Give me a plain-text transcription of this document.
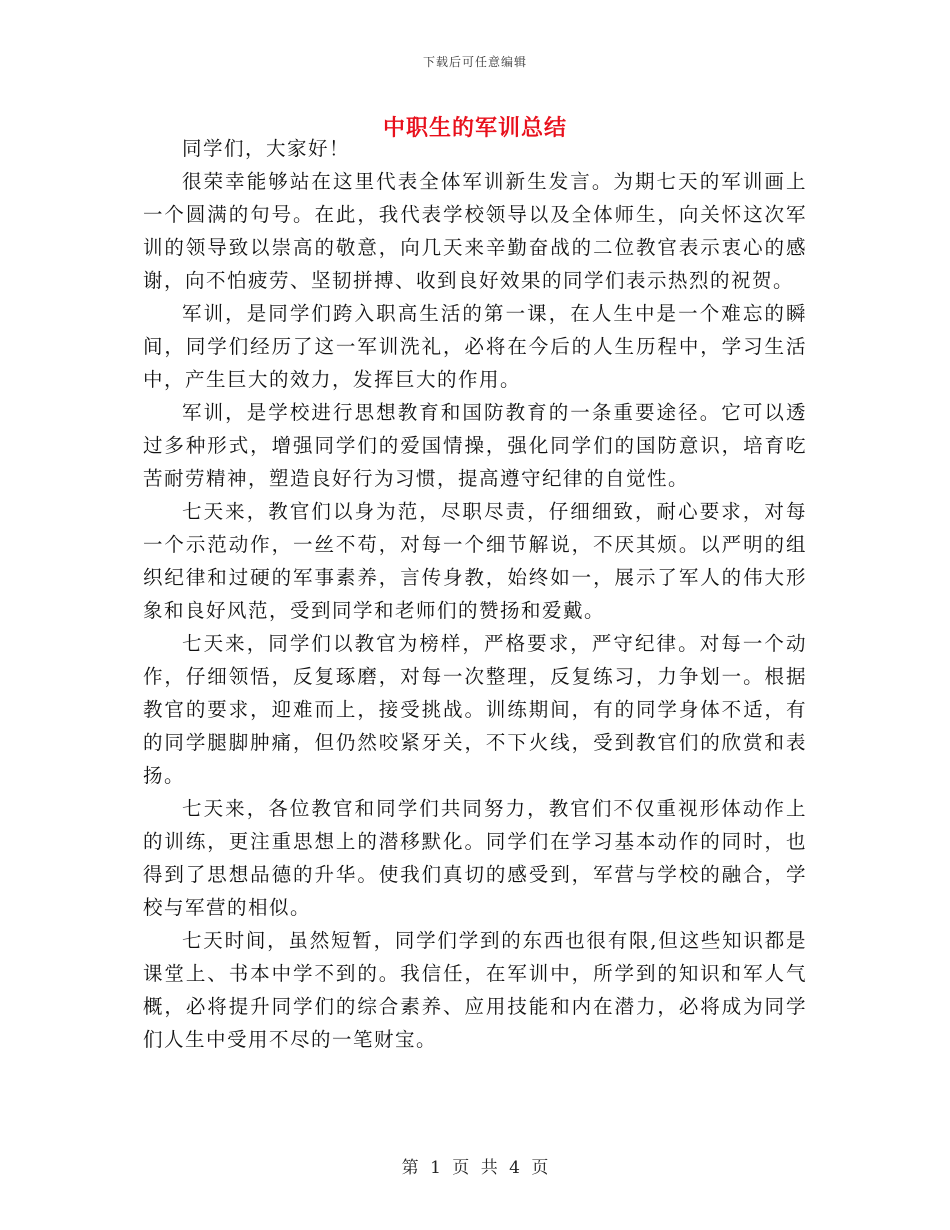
下载后可任意编辑
中职生的军训总结

同学们，大家好！

很荣幸能够站在这里代表全体军训新生发言。为期七天的军训画上一个圆满的句号。在此，我代表学校领导以及全体师生，向关怀这次军训的领导致以崇高的敬意，向几天来辛勤奋战的二位教官表示衷心的感谢，向不怕疲劳、坚韧拼搏、收到良好效果的同学们表示热烈的祝贺。

军训，是同学们跨入职高生活的第一课，在人生中是一个难忘的瞬间，同学们经历了这一军训洗礼，必将在今后的人生历程中，学习生活中，产生巨大的效力，发挥巨大的作用。

军训，是学校进行思想教育和国防教育的一条重要途径。它可以透过多种形式，增强同学们的爱国情操，强化同学们的国防意识，培育吃苦耐劳精神，塑造良好行为习惯，提高遵守纪律的自觉性。

七天来，教官们以身为范，尽职尽责，仔细细致，耐心要求，对每一个示范动作，一丝不苟，对每一个细节解说，不厌其烦。以严明的组织纪律和过硬的军事素养，言传身教，始终如一，展示了军人的伟大形象和良好风范，受到同学和老师们的赞扬和爱戴。

七天来，同学们以教官为榜样，严格要求，严守纪律。对每一个动作，仔细领悟，反复琢磨，对每一次整理，反复练习，力争划一。根据教官的要求，迎难而上，接受挑战。训练期间，有的同学身体不适，有的同学腿脚肿痛，但仍然咬紧牙关，不下火线，受到教官们的欣赏和表扬。

七天来，各位教官和同学们共同努力，教官们不仅重视形体动作上的训练，更注重思想上的潜移默化。同学们在学习基本动作的同时，也得到了思想品德的升华。使我们真切的感受到，军营与学校的融合，学校与军营的相似。

七天时间，虽然短暂，同学们学到的东西也很有限,但这些知识都是课堂上、书本中学不到的。我信任，在军训中，所学到的知识和军人气概，必将提升同学们的综合素养、应用技能和内在潜力，必将成为同学们人生中受用不尽的一笔财宝。

第 1 页 共 4 页
